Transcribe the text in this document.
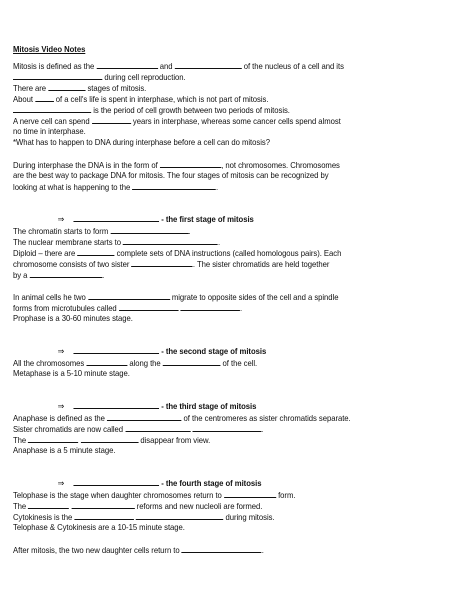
Mitosis Video Notes
Mitosis is defined as the	and	of the nucleus of a cell and its
during cell reproduction.
There are	stages of mitosis.
About	of a cell's life is spent in interphase, which is not part of mitosis.
is the period of cell growth between two periods of mitosis.
A nerve cell can spend	years in interphase, whereas some cancer cells spend almost
no time in interphase.
*What has to happen to DNA during interphase before a cell can do mitosis?
During interphase the DNA is in the form of	, not chromosomes. Chromosomes
are the best way to package DNA for mitosis. The four stages of mitosis can be recognized by
looking at what is happening to the	.
⇒	- the first stage of mitosis
The chromatin starts to form	.
The nuclear membrane starts to	.
Diploid – there are	complete sets of DNA instructions (called homologous pairs). Each
chromosome consists of two sister	. The sister chromatids are held together
by a	.
In animal cells he two	migrate to opposite sides of the cell and a spindle
forms from microtubules called	.
Prophase is a 30-60 minutes stage.
⇒	- the second stage of mitosis
All the chromosomes	along the	of the cell.
Metaphase is a 5-10 minute stage.
⇒	- the third stage of mitosis
Anaphase is defined as the	of the centromeres as sister chromatids separate.
Sister chromatids are now called	.
The	disappear from view.
Anaphase is a 5 minute stage.
⇒	- the fourth stage of mitosis
Telophase is the stage when daughter chromosomes return to	form.
The	reforms and new nucleoli are formed.
Cytokinesis is the	during mitosis.
Telophase & Cytokinesis are a 10-15 minute stage.
After mitosis, the two new daughter cells return to	.
